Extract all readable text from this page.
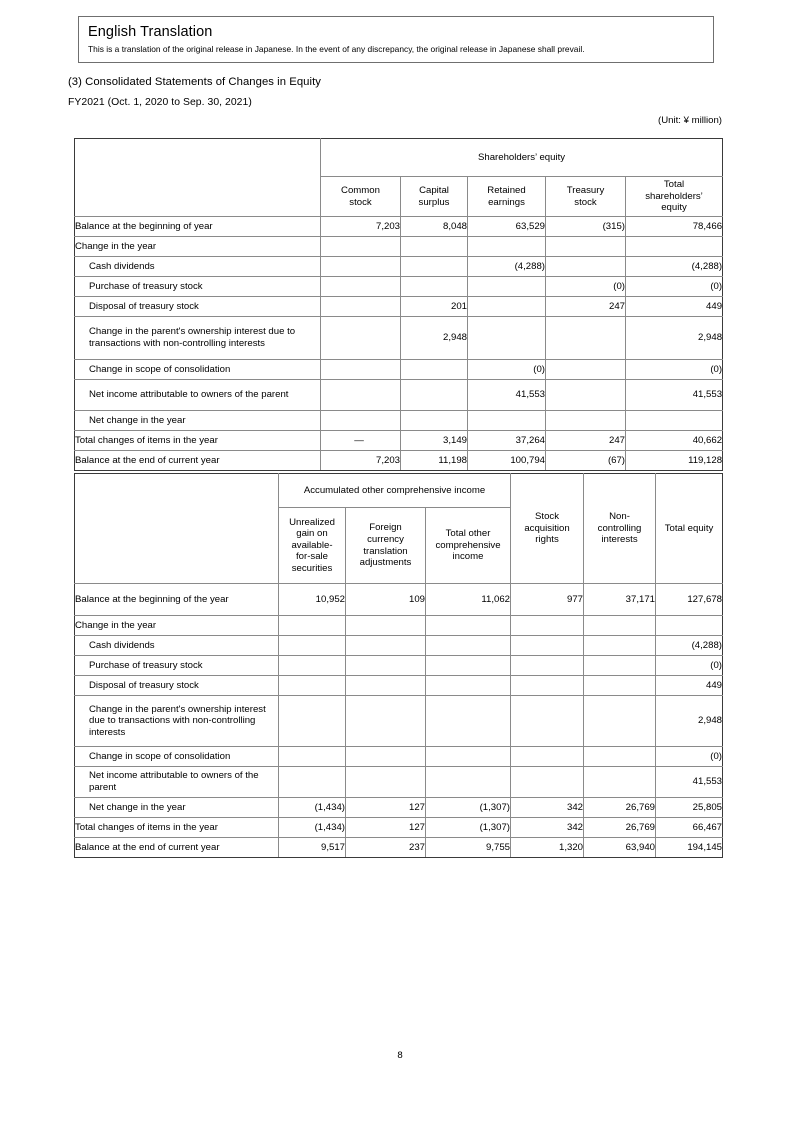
English Translation
This is a translation of the original release in Japanese. In the event of any discrepancy, the original release in Japanese shall prevail.
(3) Consolidated Statements of Changes in Equity
FY2021 (Oct. 1, 2020 to Sep. 30, 2021)
(Unit: ¥ million)
	Shareholders’ equity				
	Common
stock	Capital
surplus	Retained
earnings	Treasury
stock	Total
shareholders’
equity
Balance at the beginning of year	7,203	8,048	63,529	(315)	78,466
Change in the year					
Cash dividends			(4,288)		(4,288)
Purchase of treasury stock				(0)	(0)
Disposal of treasury stock		201		247	449
Change in the parent's ownership interest due to transactions with non-controlling interests		2,948			2,948
Change in scope of consolidation			(0)		(0)
Net income attributable to owners of the parent			41,553		41,553
Net change in the year					
Total changes of items in the year	—	3,149	37,264	247	40,662
Balance at the end of current year	7,203	11,198	100,794	(67)	119,128
	Accumulated other comprehensive income			Stock
acquisition
rights	Non-
controlling
interests	Total equity
	Unrealized
gain on
available-
for-sale
securities	Foreign
currency
translation
adjustments	Total other
comprehensive
income			
Balance at the beginning of the year	10,952	109	11,062	977	37,171	127,678
Change in the year						
Cash dividends						(4,288)
Purchase of treasury stock						(0)
Disposal of treasury stock						449
Change in the parent's ownership interest due to transactions with non-controlling interests						2,948
Change in scope of consolidation						(0)
Net income attributable to owners of the parent						41,553
Net change in the year	(1,434)	127	(1,307)	342	26,769	25,805
Total changes of items in the year	(1,434)	127	(1,307)	342	26,769	66,467
Balance at the end of current year	9,517	237	9,755	1,320	63,940	194,145
8
